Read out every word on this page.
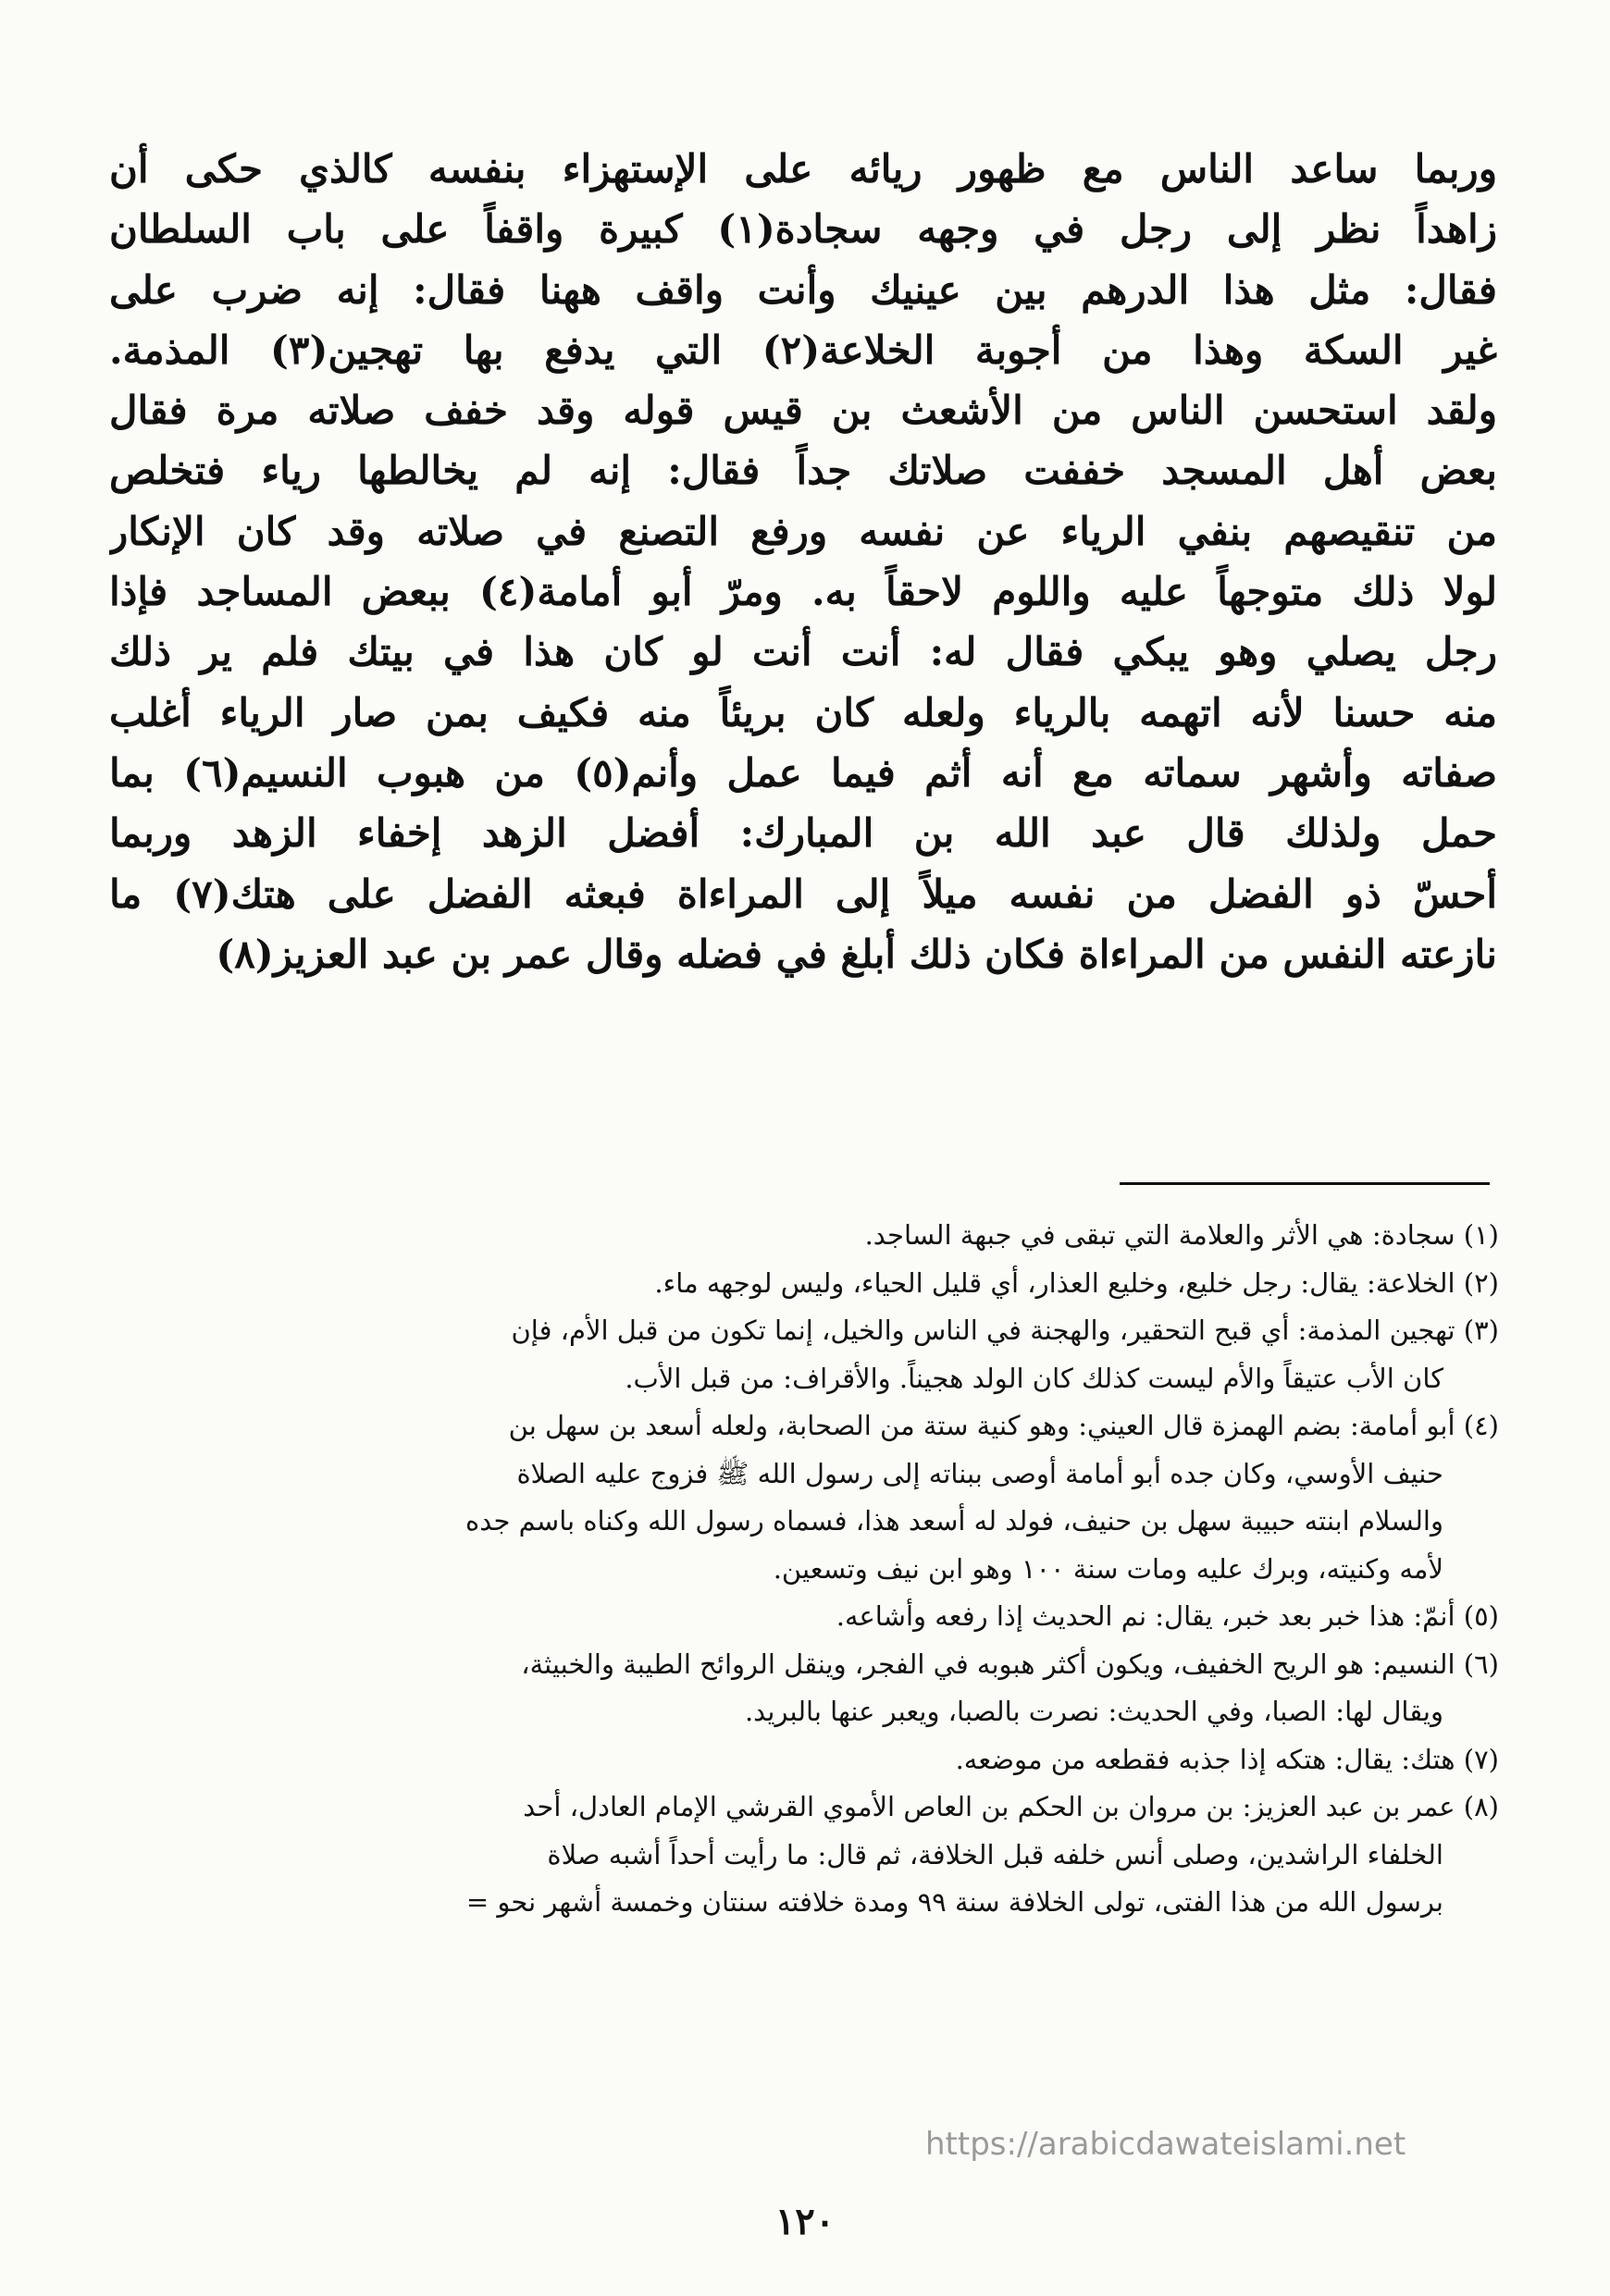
وربما ساعد الناس مع ظهور ريائه على الإستهزاء بنفسه كالذي حكى أن
زاهداً نظر إلى رجل في وجهه سجادة(١) كبيرة واقفاً على باب السلطان
فقال: مثل هذا الدرهم بين عينيك وأنت واقف ههنا فقال: إنه ضرب على
غير السكة وهذا من أجوبة الخلاعة(٢) التي يدفع بها تهجين(٣) المذمة.
ولقد استحسن الناس من الأشعث بن قيس قوله وقد خفف صلاته مرة فقال
بعض أهل المسجد خففت صلاتك جداً فقال: إنه لم يخالطها رياء فتخلص
من تنقيصهم بنفي الرياء عن نفسه ورفع التصنع في صلاته وقد كان الإنكار
لولا ذلك متوجهاً عليه واللوم لاحقاً به. ومرّ أبو أمامة(٤) ببعض المساجد فإذا
رجل يصلي وهو يبكي فقال له: أنت أنت لو كان هذا في بيتك فلم ير ذلك
منه حسنا لأنه اتهمه بالرياء ولعله كان بريئاً منه فكيف بمن صار الرياء أغلب
صفاته وأشهر سماته مع أنه أثم فيما عمل وأنم(٥) من هبوب النسيم(٦) بما
حمل ولذلك قال عبد الله بن المبارك: أفضل الزهد إخفاء الزهد وربما
أحسّ ذو الفضل من نفسه ميلاً إلى المراءاة فبعثه الفضل على هتك(٧) ما
نازعته النفس من المراءاة فكان ذلك أبلغ في فضله وقال عمر بن عبد العزيز(٨)
(١) سجادة: هي الأثر والعلامة التي تبقى في جبهة الساجد.
(٢) الخلاعة: يقال: رجل خليع، وخليع العذار، أي قليل الحياء، وليس لوجهه ماء.
(٣) تهجين المذمة: أي قبح التحقير، والهجنة في الناس والخيل، إنما تكون من قبل الأم، فإن
كان الأب عتيقاً والأم ليست كذلك كان الولد هجيناً. والأقراف: من قبل الأب.
(٤) أبو أمامة: بضم الهمزة قال العيني: وهو كنية ستة من الصحابة، ولعله أسعد بن سهل بن
حنيف الأوسي، وكان جده أبو أمامة أوصى ببناته إلى رسول الله ﷺ فزوج عليه الصلاة
والسلام ابنته حبيبة سهل بن حنيف، فولد له أسعد هذا، فسماه رسول الله وكناه باسم جده
لأمه وكنيته، وبرك عليه ومات سنة ١٠٠ وهو ابن نيف وتسعين.
(٥) أنمّ: هذا خبر بعد خبر، يقال: نم الحديث إذا رفعه وأشاعه.
(٦) النسيم: هو الريح الخفيف، ويكون أكثر هبوبه في الفجر، وينقل الروائح الطيبة والخبيثة،
ويقال لها: الصبا، وفي الحديث: نصرت بالصبا، ويعبر عنها بالبريد.
(٧) هتك: يقال: هتكه إذا جذبه فقطعه من موضعه.
(٨) عمر بن عبد العزيز: بن مروان بن الحكم بن العاص الأموي القرشي الإمام العادل، أحد
الخلفاء الراشدين، وصلى أنس خلفه قبل الخلافة، ثم قال: ما رأيت أحداً أشبه صلاة
برسول الله من هذا الفتى، تولى الخلافة سنة ٩٩ ومدة خلافته سنتان وخمسة أشهر نحو =
https://arabicdawateislami.net
١٢٠
